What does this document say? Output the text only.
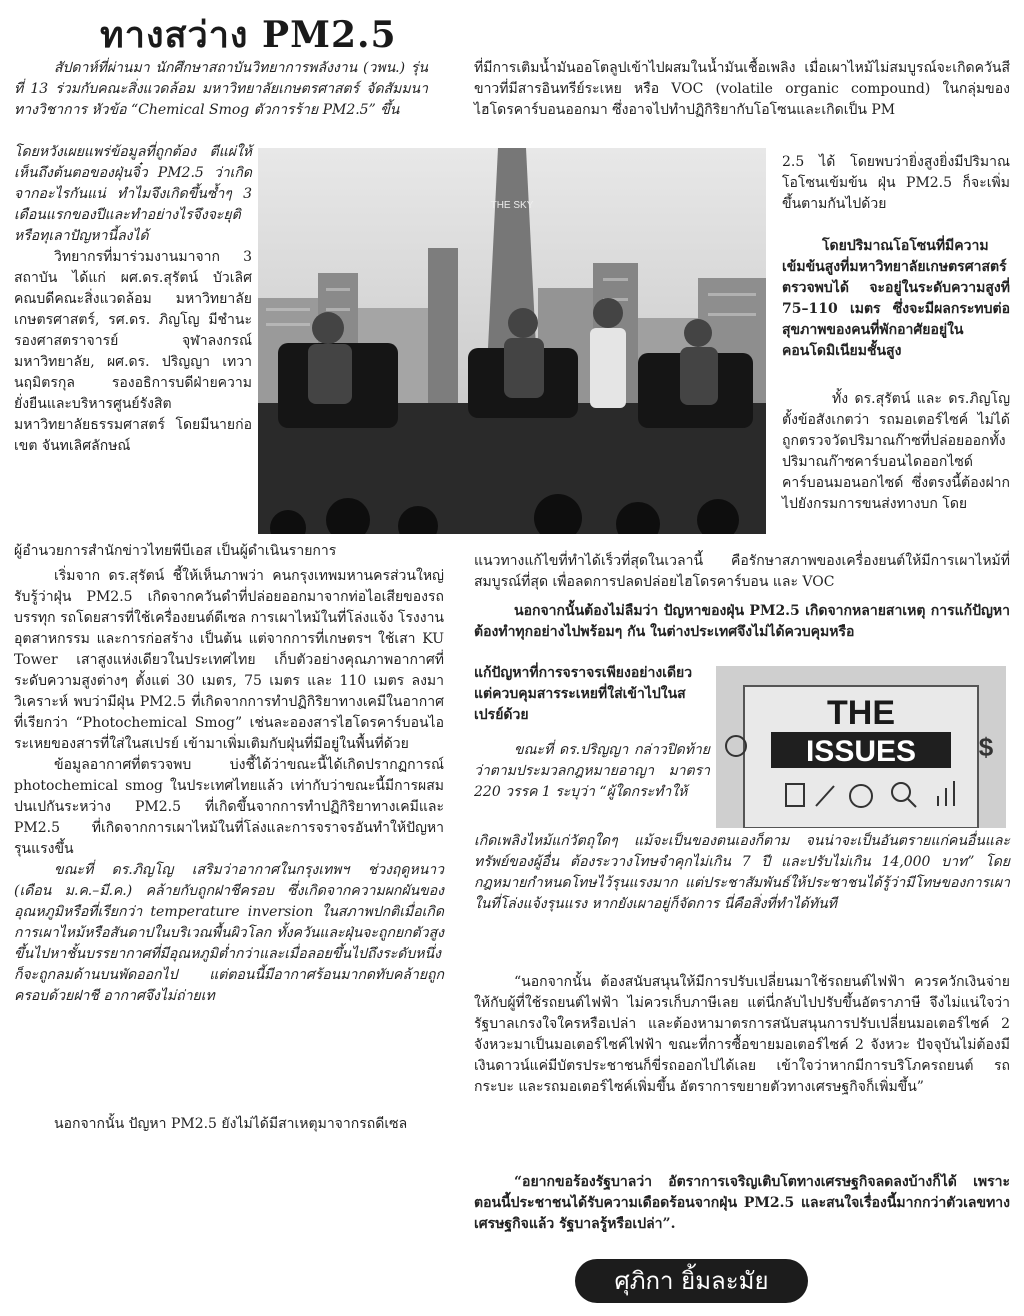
ทางสว่าง PM2.5

สัปดาห์ที่ผ่านมา นักศึกษาสถาบันวิทยาการพลังงาน (วพน.) รุ่นที่ 13 ร่วมกับคณะสิ่งแวดล้อม มหาวิทยาลัยเกษตรศาสตร์ จัดสัมมนาทางวิชาการ หัวข้อ “Chemical Smog ตัวการร้าย PM2.5” ขึ้น

โดยหวังเผยแพร่ข้อมูลที่ถูกต้อง ตีแผ่ให้เห็นถึงต้นตอของฝุ่นจิ๋ว PM2.5 ว่าเกิดจากอะไรกันแน่ ทำไมจึงเกิดขึ้นซ้ำๆ 3 เดือนแรกของปีและทำอย่างไรจึงจะยุติหรือทุเลาปัญหานี้ลงได้

วิทยากรที่มาร่วมงานมาจาก 3 สถาบัน ได้แก่ ผศ.ดร.สุรัตน์ บัวเลิศ คณบดีคณะสิ่งแวดล้อม มหาวิทยาลัยเกษตรศาสตร์, รศ.ดร. ภิญโญ มีชำนะ รองศาสตราจารย์ จุฬาลงกรณ์มหาวิทยาลัย, ผศ.ดร. ปริญญา เทวานฤมิตรกุล รองอธิการบดีฝ่ายความยั่งยืนและบริหารศูนย์รังสิต มหาวิทยาลัยธรรมศาสตร์ โดยมีนายก่อเขต จันทเลิศลักษณ์

ผู้อำนวยการสำนักข่าวไทยพีบีเอส เป็นผู้ดำเนินรายการ

เริ่มจาก ดร.สุรัตน์ ชี้ให้เห็นภาพว่า คนกรุงเทพมหานครส่วนใหญ่รับรู้ว่าฝุ่น PM2.5 เกิดจากควันดำที่ปล่อยออกมาจากท่อไอเสียของรถบรรทุก รถโดยสารที่ใช้เครื่องยนต์ดีเซล การเผาไหม้ในที่โล่งแจ้ง โรงงานอุตสาหกรรม และการก่อสร้าง เป็นต้น แต่จากการที่เกษตรฯ ใช้เสา KU Tower เสาสูงแห่งเดียวในประเทศไทย เก็บตัวอย่างคุณภาพอากาศที่ระดับความสูงต่างๆ ตั้งแต่ 30 เมตร, 75 เมตร และ 110 เมตร ลงมาวิเคราะห์ พบว่ามีฝุ่น PM2.5 ที่เกิดจากการทำปฏิกิริยาทางเคมีในอากาศที่เรียกว่า “Photochemical Smog” เช่นละอองสารไฮโดรคาร์บอนไอระเหยของสารที่ใส่ในสเปรย์ เข้ามาเพิ่มเติมกับฝุ่นที่มีอยู่ในพื้นที่ด้วย

ข้อมูลอากาศที่ตรวจพบ บ่งชี้ได้ว่าขณะนี้ได้เกิดปรากฏการณ์ photochemical smog ในประเทศไทยแล้ว เท่ากับว่าขณะนี้มีการผสมปนเปกันระหว่าง PM2.5 ที่เกิดขึ้นจากการทำปฏิกิริยาทางเคมีและ PM2.5 ที่เกิดจากการเผาไหม้ในที่โล่งและการจราจรอันทำให้ปัญหารุนแรงขึ้น

ขณะที่ ดร.ภิญโญ เสริมว่าอากาศในกรุงเทพฯ ช่วงฤดูหนาว (เดือน ม.ค.–มี.ค.) คล้ายกับถูกฝาชีครอบ ซึ่งเกิดจากความผกผันของอุณหภูมิหรือที่เรียกว่า temperature inversion ในสภาพปกติเมื่อเกิดการเผาไหม้หรือสันดาปในบริเวณพื้นผิวโลก ทั้งควันและฝุ่นจะถูกยกตัวสูงขึ้นไปหาชั้นบรรยากาศที่มีอุณหภูมิต่ำกว่าและเมื่อลอยขึ้นไปถึงระดับหนึ่งก็จะถูกลมด้านบนพัดออกไป แต่ตอนนี้มีอากาศร้อนมากดทับคล้ายถูกครอบด้วยฝาชี อากาศจึงไม่ถ่ายเท

นอกจากนั้น ปัญหา PM2.5 ยังไม่ได้มีสาเหตุมาจากรถดีเซล

ที่มีการเติมน้ำมันออโตลูปเข้าไปผสมในน้ำมันเชื้อเพลิง เมื่อเผาไหม้ไม่สมบูรณ์จะเกิดควันสีขาวที่มีสารอินทรีย์ระเหย หรือ VOC (volatile organic compound) ในกลุ่มของไฮโดรคาร์บอนออกมา ซึ่งอาจไปทำปฏิกิริยากับโอโซนและเกิดเป็น PM

2.5 ได้ โดยพบว่ายิ่งสูงยิ่งมีปริมาณโอโซนเข้มข้น ฝุ่น PM2.5 ก็จะเพิ่มขึ้นตามกันไปด้วย

โดยปริมาณโอโซนที่มีความเข้มข้นสูงที่มหาวิทยาลัยเกษตรศาสตร์ตรวจพบได้ จะอยู่ในระดับความสูงที่ 75–110 เมตร ซึ่งจะมีผลกระทบต่อสุขภาพของคนที่พักอาศัยอยู่ในคอนโดมิเนียมชั้นสูง

ทั้ง ดร.สุรัตน์ และ ดร.ภิญโญ ตั้งข้อสังเกตว่า รถมอเตอร์ไซค์ ไม่ได้ถูกตรวจวัดปริมาณก๊าซที่ปล่อยออกทั้งปริมาณก๊าซคาร์บอนไดออกไซด์ คาร์บอนมอนอกไซด์ ซึ่งตรงนี้ต้องฝากไปยังกรมการขนส่งทางบก โดย

แนวทางแก้ไขที่ทำได้เร็วที่สุดในเวลานี้ คือรักษาสภาพของเครื่องยนต์ให้มีการเผาไหม้ที่สมบูรณ์ที่สุด เพื่อลดการปลดปล่อยไฮโดรคาร์บอน และ VOC

นอกจากนั้นต้องไม่ลืมว่า ปัญหาของฝุ่น PM2.5 เกิดจากหลายสาเหตุ การแก้ปัญหาต้องทำทุกอย่างไปพร้อมๆ กัน ในต่างประเทศจึงไม่ได้ควบคุมหรือ

แก้ปัญหาที่การจราจรเพียงอย่างเดียว แต่ควบคุมสารระเหยที่ใส่เข้าไปในสเปรย์ด้วย

ขณะที่ ดร.ปริญญา กล่าวปิดท้ายว่าตามประมวลกฎหมายอาญา มาตรา 220 วรรค 1 ระบุว่า “ผู้ใดกระทำให้

เกิดเพลิงไหม้แก่วัตถุใดๆ แม้จะเป็นของตนเองก็ตาม จนน่าจะเป็นอันตรายแก่คนอื่นและทรัพย์ของผู้อื่น ต้องระวางโทษจำคุกไม่เกิน 7 ปี และปรับไม่เกิน 14,000 บาท” โดยกฎหมายกำหนดโทษไว้รุนแรงมาก แต่ประชาสัมพันธ์ให้ประชาชนได้รู้ว่ามีโทษของการเผาในที่โล่งแจ้งรุนแรง หากยังเผาอยู่ก็จัดการ นี่คือสิ่งที่ทำได้ทันที

“นอกจากนั้น ต้องสนับสนุนให้มีการปรับเปลี่ยนมาใช้รถยนต์ไฟฟ้า ควรควักเงินจ่ายให้กับผู้ที่ใช้รถยนต์ไฟฟ้า ไม่ควรเก็บภาษีเลย แต่นี่กลับไปปรับขึ้นอัตราภาษี จึงไม่แน่ใจว่ารัฐบาลเกรงใจใครหรือเปล่า และต้องหามาตรการสนับสนุนการปรับเปลี่ยนมอเตอร์ไซค์ 2 จังหวะมาเป็นมอเตอร์ไซค์ไฟฟ้า ขณะที่การซื้อขายมอเตอร์ไซค์ 2 จังหวะ ปัจจุบันไม่ต้องมีเงินดาวน์แค่มีบัตรประชาชนก็ขี่รถออกไปได้เลย เข้าใจว่าหากมีการบริโภครถยนต์ รถกระบะ และรถมอเตอร์ไซค์เพิ่มขึ้น อัตราการขยายตัวทางเศรษฐกิจก็เพิ่มขึ้น”

“อยากขอร้องรัฐบาลว่า อัตราการเจริญเติบโตทางเศรษฐกิจลดลงบ้างก็ได้ เพราะตอนนี้ประชาชนได้รับความเดือดร้อนจากฝุ่น PM2.5 และสนใจเรื่องนี้มากกว่าตัวเลขทางเศรษฐกิจแล้ว รัฐบาลรู้หรือเปล่า”.

THE SKY
THE
ISSUES $
ศุภิกา ยิ้มละมัย
